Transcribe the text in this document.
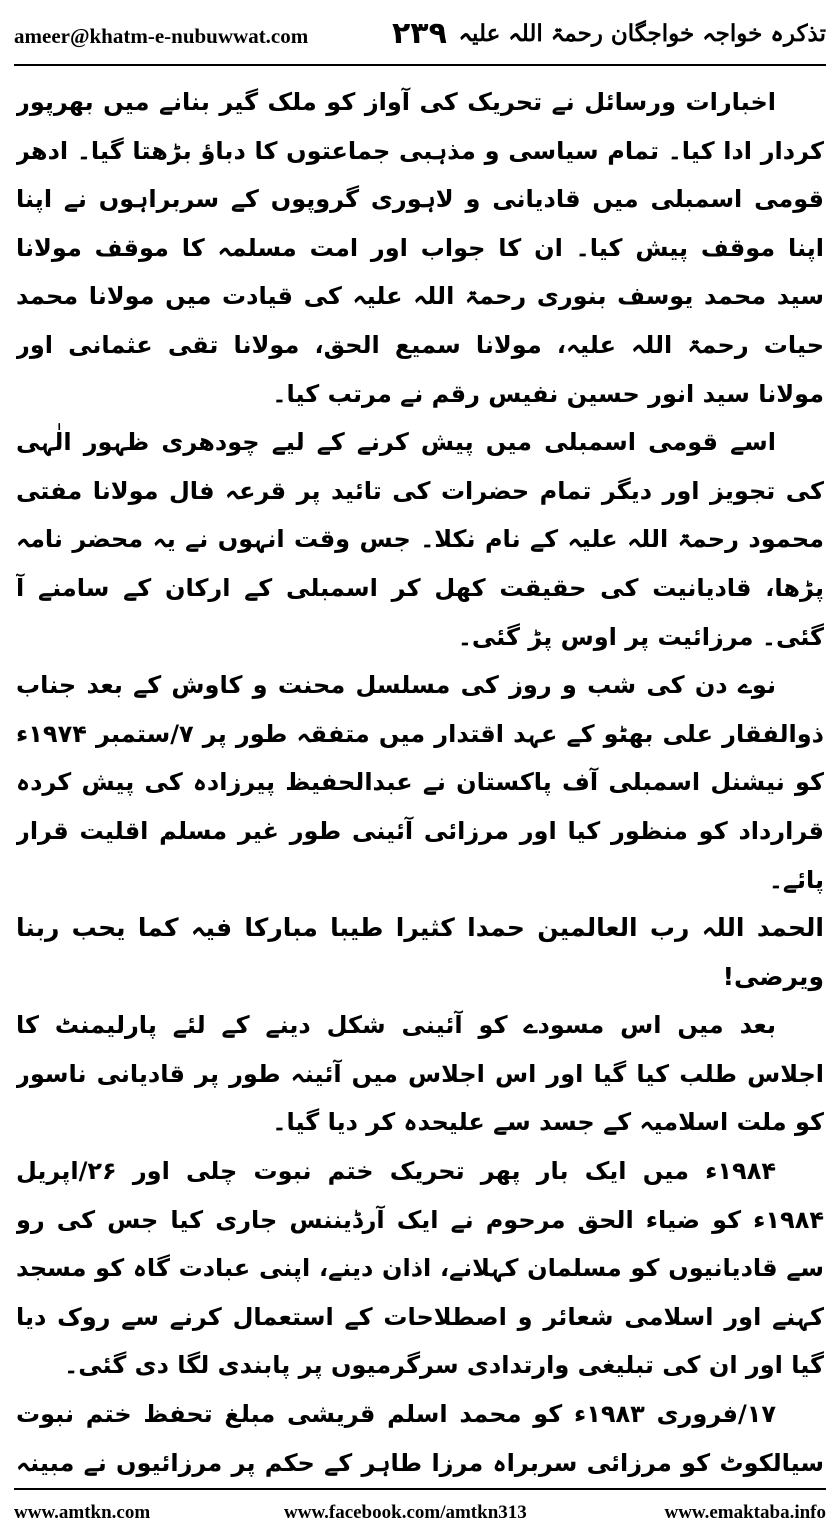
ameer@khatm-e-nubuwwat.com	۲۳۹ تذکرہ خواجہ خواجگان رحمۃ اللہ علیہ

اخبارات ورسائل نے تحریک کی آواز کو ملک گیر بنانے میں بھرپور کردار ادا کیا۔ تمام سیاسی و مذہبی جماعتوں کا دباؤ بڑھتا گیا۔ ادھر قومی اسمبلی میں قادیانی و لاہوری گروپوں کے سربراہوں نے اپنا اپنا موقف پیش کیا۔ ان کا جواب اور امت مسلمہ کا موقف مولانا سید محمد یوسف بنوری رحمۃ اللہ علیہ کی قیادت میں مولانا محمد حیات رحمۃ اللہ علیہ، مولانا سمیع الحق، مولانا تقی عثمانی اور مولانا سید انور حسین نفیس رقم نے مرتب کیا۔

اسے قومی اسمبلی میں پیش کرنے کے لیے چودھری ظہور الٰہی کی تجویز اور دیگر تمام حضرات کی تائید پر قرعہ فال مولانا مفتی محمود رحمۃ اللہ علیہ کے نام نکلا۔ جس وقت انہوں نے یہ محضر نامہ پڑھا، قادیانیت کی حقیقت کھل کر اسمبلی کے ارکان کے سامنے آ گئی۔ مرزائیت پر اوس پڑ گئی۔

نوے دن کی شب و روز کی مسلسل محنت و کاوش کے بعد جناب ذوالفقار علی بھٹو کے عہد اقتدار میں متفقہ طور پر ۷/ستمبر ۱۹۷۴ء کو نیشنل اسمبلی آف پاکستان نے عبدالحفیظ پیرزادہ کی پیش کردہ قرارداد کو منظور کیا اور مرزائی آئینی طور غیر مسلم اقلیت قرار پائے۔

الحمد اللہ رب العالمین حمدا کثیرا طیبا مبارکا فیہ کما یحب ربنا ویرضی!

بعد میں اس مسودے کو آئینی شکل دینے کے لئے پارلیمنٹ کا اجلاس طلب کیا گیا اور اس اجلاس میں آئینہ طور پر قادیانی ناسور کو ملت اسلامیہ کے جسد سے علیحدہ کر دیا گیا۔

۱۹۸۴ء میں ایک بار پھر تحریک ختم نبوت چلی اور ۲۶/اپریل ۱۹۸۴ء کو ضیاء الحق مرحوم نے ایک آرڈیننس جاری کیا جس کی رو سے قادیانیوں کو مسلمان کہلانے، اذان دینے، اپنی عبادت گاہ کو مسجد کہنے اور اسلامی شعائر و اصطلاحات کے استعمال کرنے سے روک دیا گیا اور ان کی تبلیغی وارتدادی سرگرمیوں پر پابندی لگا دی گئی۔

۱۷/فروری ۱۹۸۳ء کو محمد اسلم قریشی مبلغ تحفظ ختم نبوت سیالکوٹ کو مرزائی سربراہ مرزا طاہر کے حکم پر مرزائیوں نے مبینہ

www.amtkn.com	www.facebook.com/amtkn313	www.emaktaba.info
